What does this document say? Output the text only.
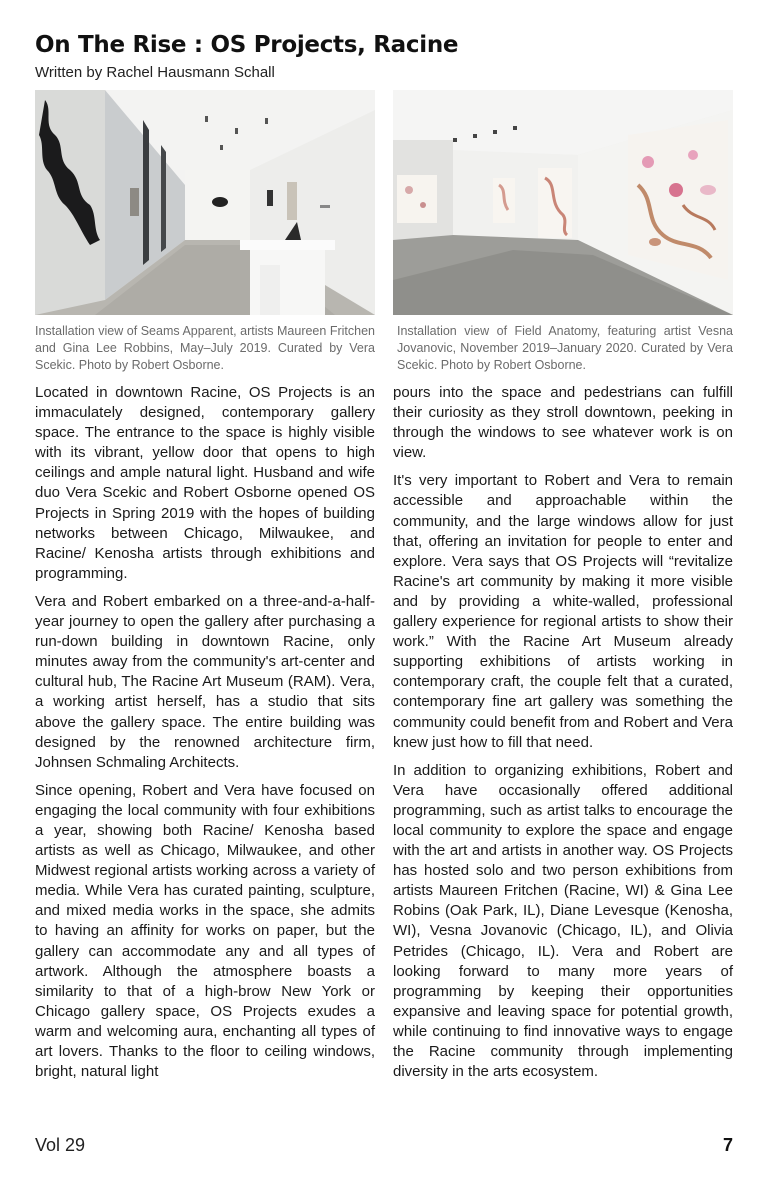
On The Rise : OS Projects, Racine
Written by Rachel Hausmann Schall

Installation view of Seams Apparent, artists Maureen Fritchen and Gina Lee Robbins, May–July 2019. Curated by Vera Scekic. Photo by Robert Osborne.

Installation view of Field Anatomy, featuring artist Vesna Jovanovic, November 2019–January 2020. Curated by Vera Scekic. Photo by Robert Osborne.

Located in downtown Racine, OS Projects is an immaculately designed, contemporary gallery space. The entrance to the space is highly visible with its vibrant, yellow door that opens to high ceilings and ample natural light. Husband and wife duo Vera Scekic and Robert Osborne opened OS Projects in Spring 2019 with the hopes of building networks between Chicago, Milwaukee, and Racine/ Kenosha artists through exhibitions and programming.

Vera and Robert embarked on a three-and-a-half-year journey to open the gallery after purchasing a run-down building in downtown Racine, only minutes away from the community's art-center and cultural hub, The Racine Art Museum (RAM). Vera, a working artist herself, has a studio that sits above the gallery space. The entire building was designed by the renowned architecture firm, Johnsen Schmaling Architects.

Since opening, Robert and Vera have focused on engaging the local community with four exhibitions a year, showing both Racine/ Kenosha based artists as well as Chicago, Milwaukee, and other Midwest regional artists working across a variety of media. While Vera has curated painting, sculpture, and mixed media works in the space, she admits to having an affinity for works on paper, but the gallery can accommodate any and all types of artwork. Although the atmosphere boasts a similarity to that of a high-brow New York or Chicago gallery space, OS Projects exudes a warm and welcoming aura, enchanting all types of art lovers. Thanks to the floor to ceiling windows, bright, natural light

pours into the space and pedestrians can fulfill their curiosity as they stroll downtown, peeking in through the windows to see whatever work is on view.

It's very important to Robert and Vera to remain accessible and approachable within the community, and the large windows allow for just that, offering an invitation for people to enter and explore. Vera says that OS Projects will “revitalize Racine's art community by making it more visible and by providing a white-walled, professional gallery experience for regional artists to show their work.” With the Racine Art Museum already supporting exhibitions of artists working in contemporary craft, the couple felt that a curated, contemporary fine art gallery was something the community could benefit from and Robert and Vera knew just how to fill that need.

In addition to organizing exhibitions, Robert and Vera have occasionally offered additional programming, such as artist talks to encourage the local community to explore the space and engage with the art and artists in another way. OS Projects has hosted solo and two person exhibitions from artists Maureen Fritchen (Racine, WI) & Gina Lee Robins (Oak Park, IL), Diane Levesque (Kenosha, WI), Vesna Jovanovic (Chicago, IL), and Olivia Petrides (Chicago, IL). Vera and Robert are looking forward to many more years of programming by keeping their opportunities expansive and leaving space for potential growth, while continuing to find innovative ways to engage the Racine community through implementing diversity in the arts ecosystem.

Vol 29	7
